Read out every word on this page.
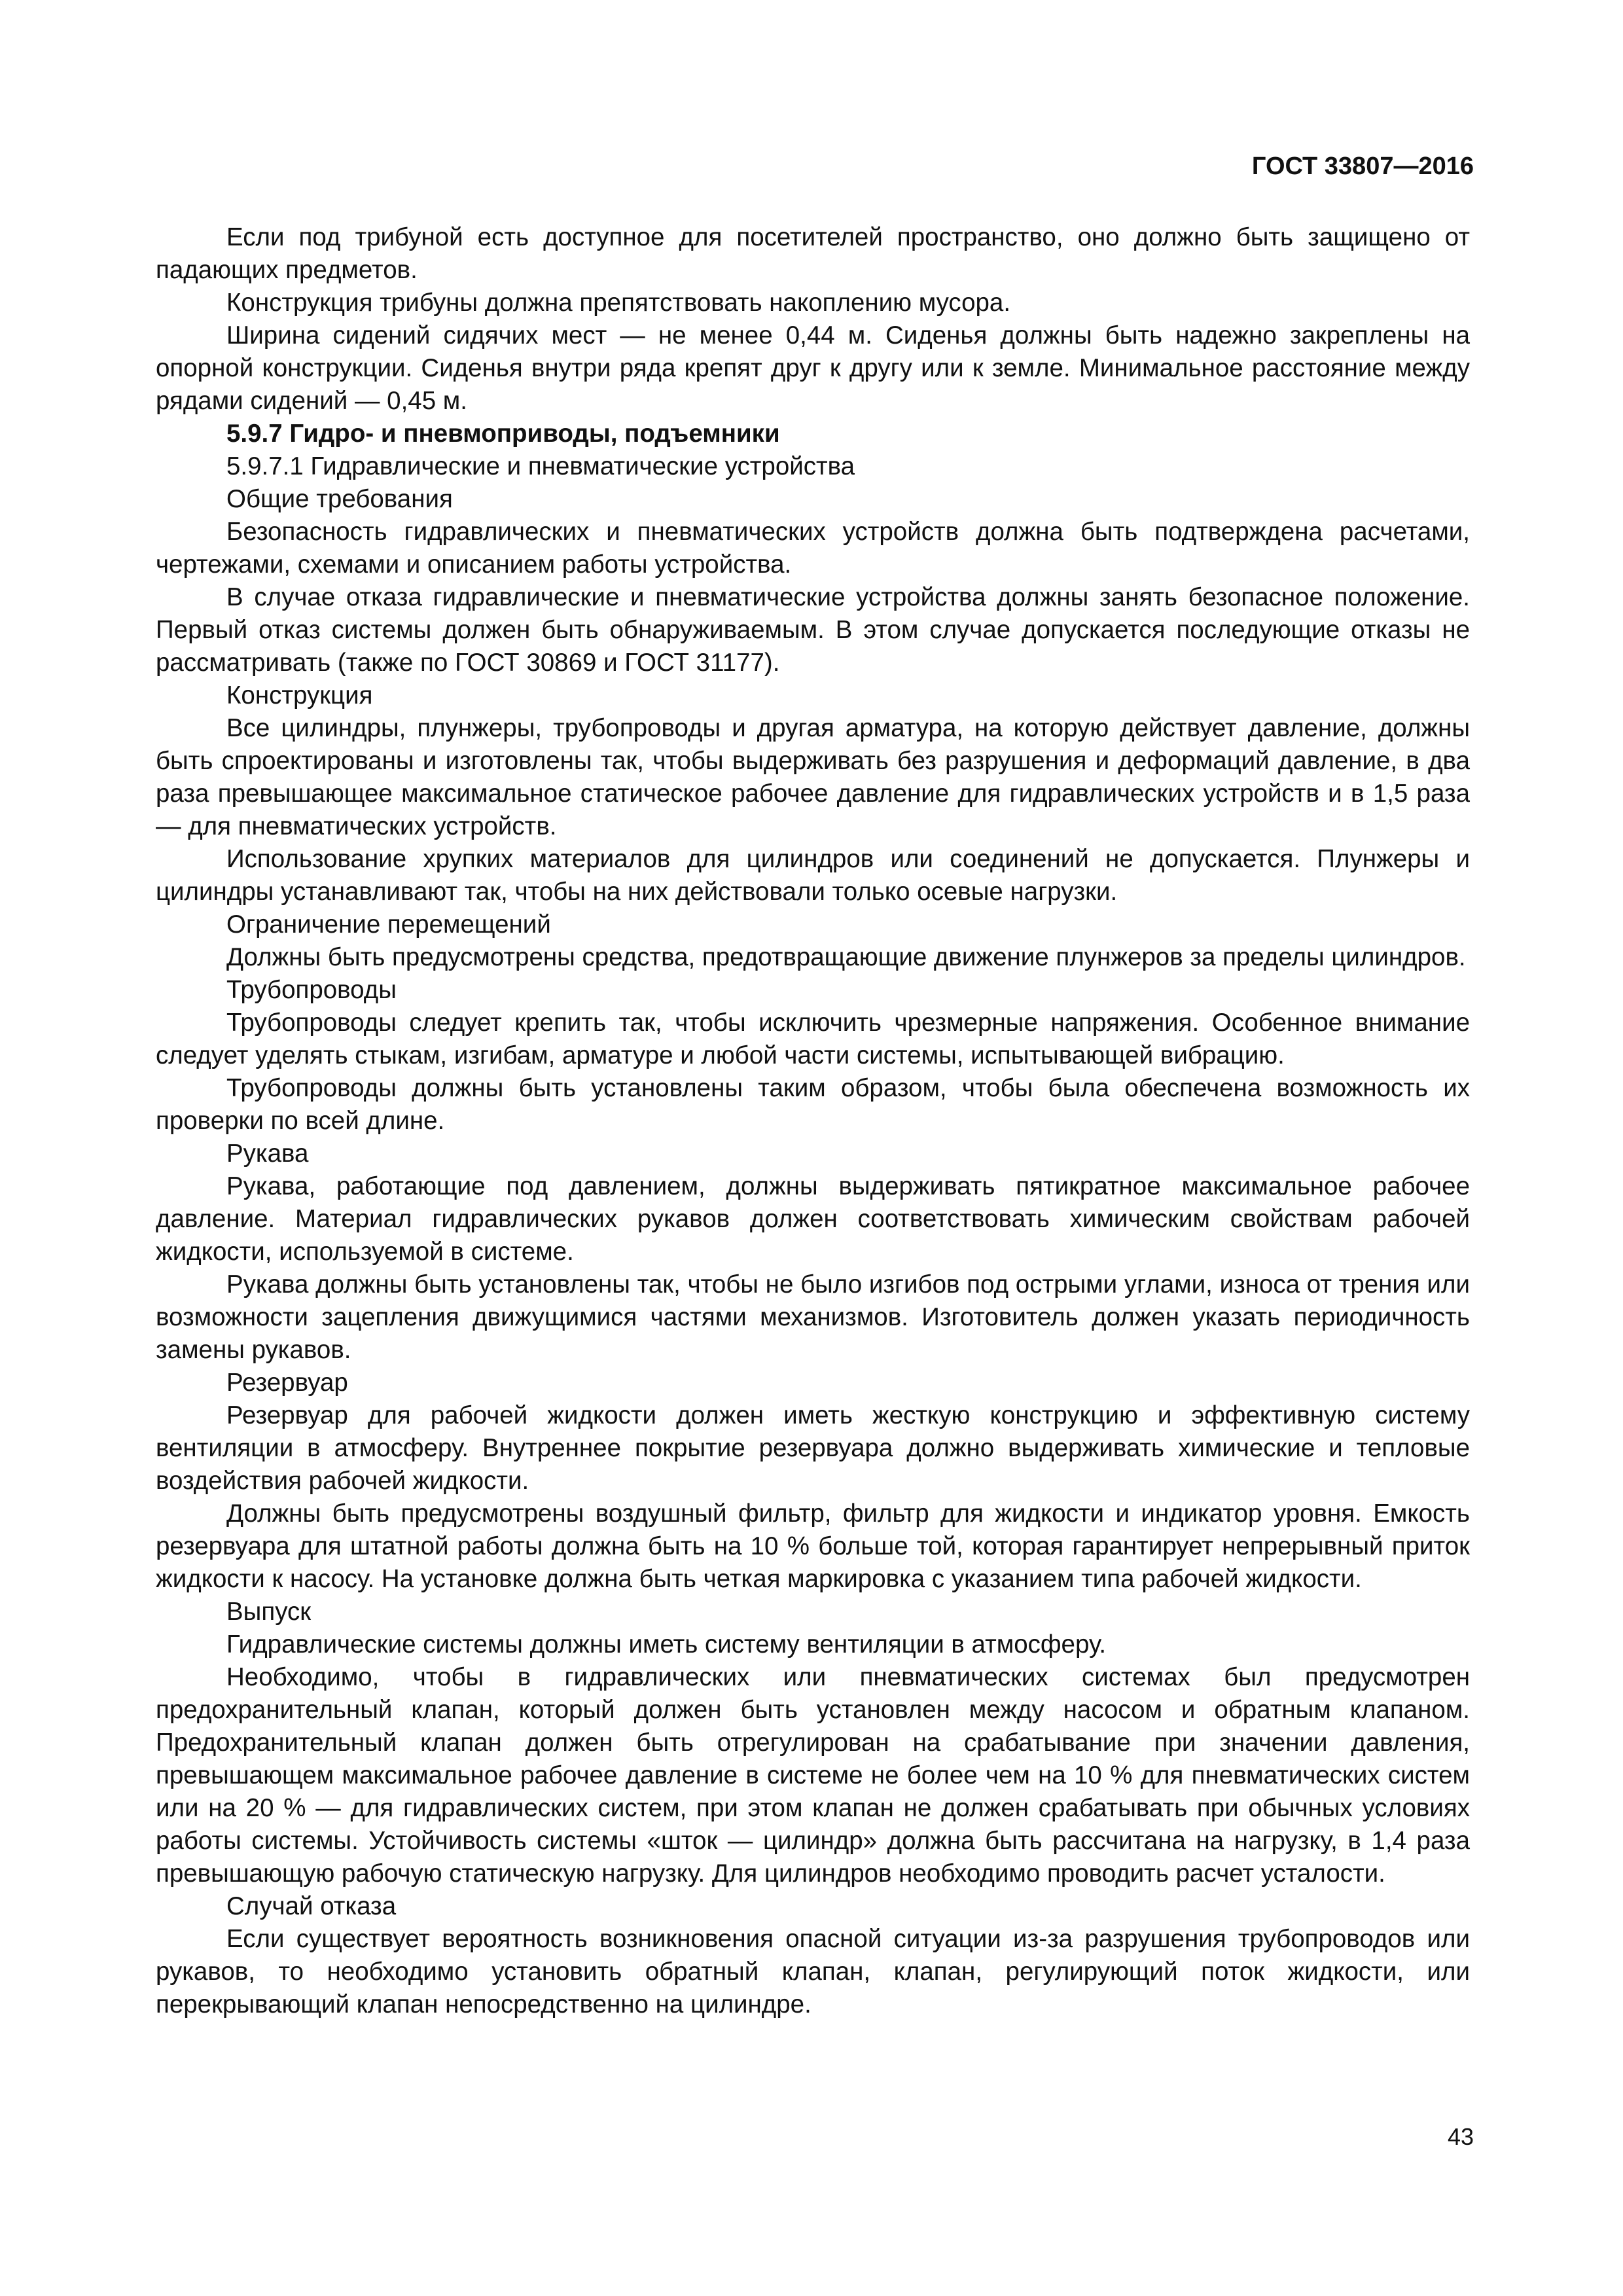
ГОСТ 33807—2016

Если под трибуной есть доступное для посетителей пространство, оно должно быть защищено от падающих предметов.

Конструкция трибуны должна препятствовать накоплению мусора.

Ширина сидений сидячих мест — не менее 0,44 м. Сиденья должны быть надежно закреплены на опорной конструкции. Сиденья внутри ряда крепят друг к другу или к земле. Минимальное расстояние между рядами сидений — 0,45 м.

5.9.7 Гидро- и пневмоприводы, подъемники

5.9.7.1 Гидравлические и пневматические устройства

Общие требования

Безопасность гидравлических и пневматических устройств должна быть подтверждена расчетами, чертежами, схемами и описанием работы устройства.

В случае отказа гидравлические и пневматические устройства должны занять безопасное положение. Первый отказ системы должен быть обнаруживаемым. В этом случае допускается последующие отказы не рассматривать (также по ГОСТ 30869 и ГОСТ 31177).

Конструкция

Все цилиндры, плунжеры, трубопроводы и другая арматура, на которую действует давление, должны быть спроектированы и изготовлены так, чтобы выдерживать без разрушения и деформаций давление, в два раза превышающее максимальное статическое рабочее давление для гидравлических устройств и в 1,5 раза — для пневматических устройств.

Использование хрупких материалов для цилиндров или соединений не допускается. Плунжеры и цилиндры устанавливают так, чтобы на них действовали только осевые нагрузки.

Ограничение перемещений

Должны быть предусмотрены средства, предотвращающие движение плунжеров за пределы цилиндров.

Трубопроводы

Трубопроводы следует крепить так, чтобы исключить чрезмерные напряжения. Особенное внимание следует уделять стыкам, изгибам, арматуре и любой части системы, испытывающей вибрацию.

Трубопроводы должны быть установлены таким образом, чтобы была обеспечена возможность их проверки по всей длине.

Рукава

Рукава, работающие под давлением, должны выдерживать пятикратное максимальное рабочее давление. Материал гидравлических рукавов должен соответствовать химическим свойствам рабочей жидкости, используемой в системе.

Рукава должны быть установлены так, чтобы не было изгибов под острыми углами, износа от трения или возможности зацепления движущимися частями механизмов. Изготовитель должен указать периодичность замены рукавов.

Резервуар

Резервуар для рабочей жидкости должен иметь жесткую конструкцию и эффективную систему вентиляции в атмосферу. Внутреннее покрытие резервуара должно выдерживать химические и тепловые воздействия рабочей жидкости.

Должны быть предусмотрены воздушный фильтр, фильтр для жидкости и индикатор уровня. Емкость резервуара для штатной работы должна быть на 10 % больше той, которая гарантирует непрерывный приток жидкости к насосу. На установке должна быть четкая маркировка с указанием типа рабочей жидкости.

Выпуск

Гидравлические системы должны иметь систему вентиляции в атмосферу.

Необходимо, чтобы в гидравлических или пневматических системах был предусмотрен предохранительный клапан, который должен быть установлен между насосом и обратным клапаном. Предохранительный клапан должен быть отрегулирован на срабатывание при значении давления, превышающем максимальное рабочее давление в системе не более чем на 10 % для пневматических систем или на 20 % — для гидравлических систем, при этом клапан не должен срабатывать при обычных условиях работы системы. Устойчивость системы «шток — цилиндр» должна быть рассчитана на нагрузку, в 1,4 раза превышающую рабочую статическую нагрузку. Для цилиндров необходимо проводить расчет усталости.

Случай отказа

Если существует вероятность возникновения опасной ситуации из-за разрушения трубопроводов или рукавов, то необходимо установить обратный клапан, клапан, регулирующий поток жидкости, или перекрывающий клапан непосредственно на цилиндре.

43
